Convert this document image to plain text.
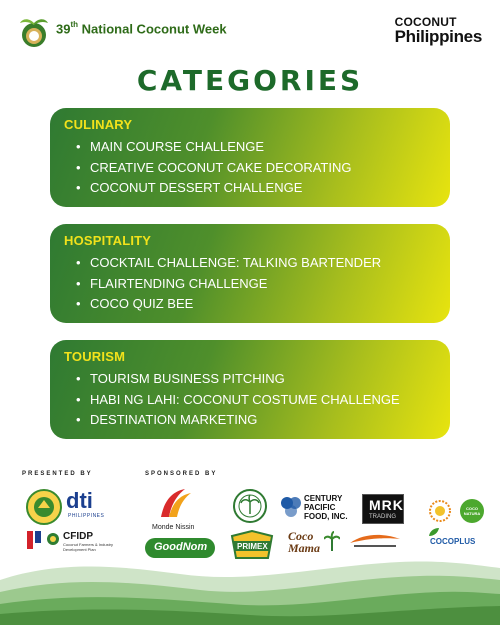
39th National Coconut Week	COCONUT
Philippines
CATEGORIES
CULINARY
• MAIN COURSE CHALLENGE
• CREATIVE COCONUT CAKE DECORATING
• COCONUT DESSERT CHALLENGE
HOSPITALITY
• COCKTAIL CHALLENGE: TALKING BARTENDER
• FLAIRTENDING CHALLENGE
• COCO QUIZ BEE
TOURISM
• TOURISM BUSINESS PITCHING
• HABI NG LAHI: COCONUT COSTUME CHALLENGE
• DESTINATION MARKETING
PRESENTED BY	SPONSORED BY
dti
PHILIPPINES
CFIDP
Coconut Farmers & Industry
Development Plan
Monde Nissin
GoodNom
CENTURY
PACIFIC
FOOD, INC.
MRK
TRADING
COCO NATURA
PRIMEX
Coco
Mama	COCOPLUS
